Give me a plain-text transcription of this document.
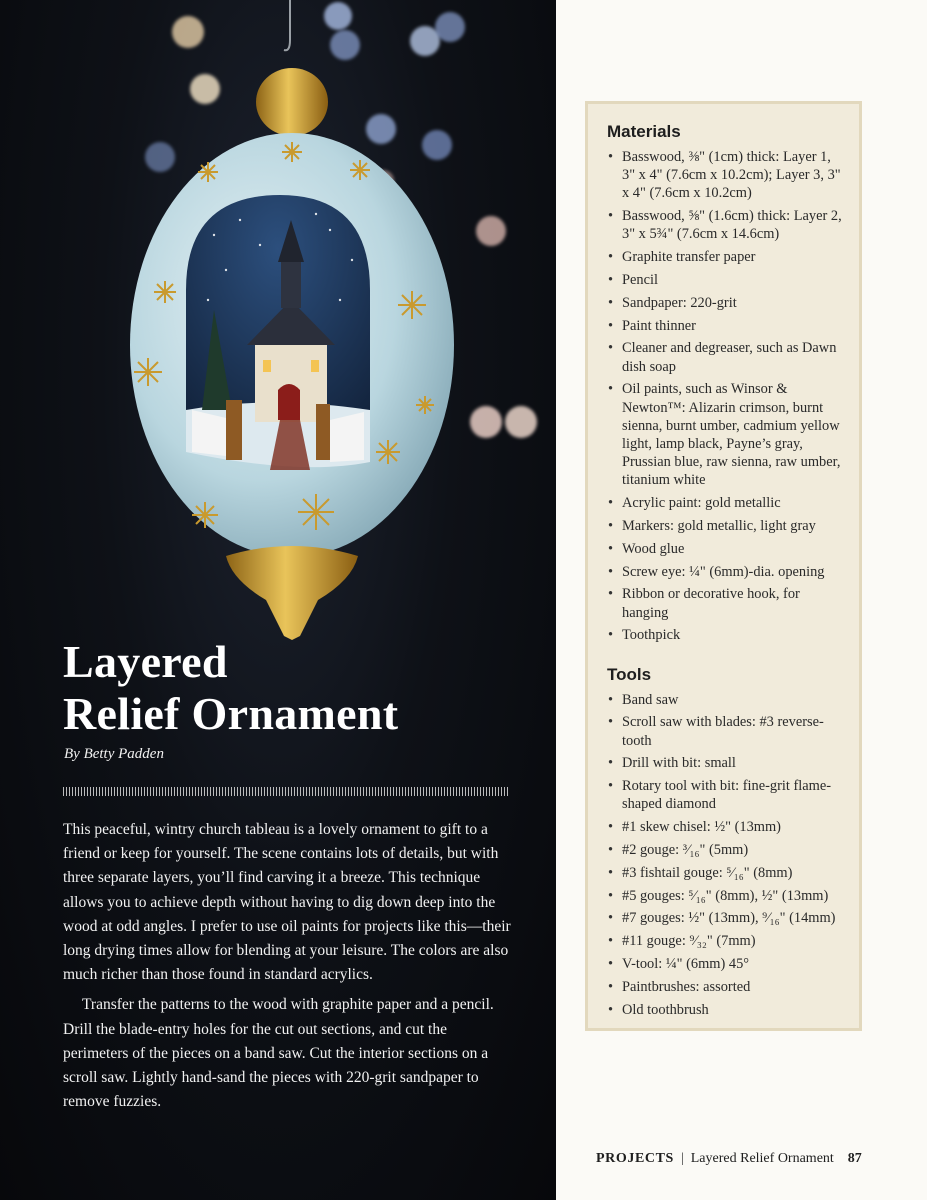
Layered
Relief Ornament
By Betty Padden

This peaceful, wintry church tableau is a lovely ornament to gift to a friend or keep for yourself. The scene contains lots of details, but with three separate layers, you’ll find carving it a breeze. This technique allows you to achieve depth without having to dig down deep into the wood at odd angles. I prefer to use oil paints for projects like this—their long drying times allow for blending at your leisure. The colors are also much richer than those found in standard acrylics.

Transfer the patterns to the wood with graphite paper and a pencil. Drill the blade-entry holes for the cut out sections, and cut the perimeters of the pieces on a band saw. Cut the interior sections on a scroll saw. Lightly hand-sand the pieces with 220-grit sandpaper to remove fuzzies.

Materials
• Basswood, ⅜" (1cm) thick: Layer 1, 3" x 4" (7.6cm x 10.2cm); Layer 3, 3" x 4" (7.6cm x 10.2cm)
• Basswood, ⅝" (1.6cm) thick: Layer 2, 3" x 5¾" (7.6cm x 14.6cm)
• Graphite transfer paper
• Pencil
• Sandpaper: 220-grit
• Paint thinner
• Cleaner and degreaser, such as Dawn dish soap
• Oil paints, such as Winsor & Newton™: Alizarin crimson, burnt sienna, burnt umber, cadmium yellow light, lamp black, Payne’s gray, Prussian blue, raw sienna, raw umber, titanium white
• Acrylic paint: gold metallic
• Markers: gold metallic, light gray
• Wood glue
• Screw eye: ¼" (6mm)-dia. opening
• Ribbon or decorative hook, for hanging
• Toothpick
Tools
• Band saw
• Scroll saw with blades: #3 reverse-tooth
• Drill with bit: small
• Rotary tool with bit: fine-grit flame-shaped diamond
• #1 skew chisel: ½" (13mm)
• #2 gouge: ³⁄₁₆" (5mm)
• #3 fishtail gouge: ⁵⁄₁₆" (8mm)
• #5 gouges: ⁵⁄₁₆" (8mm), ½" (13mm)
• #7 gouges: ½" (13mm), ⁹⁄₁₆" (14mm)
• #11 gouge: ⁹⁄₃₂" (7mm)
• V-tool: ¼" (6mm) 45°
• Paintbrushes: assorted
• Old toothbrush
PROJECTS | Layered Relief Ornament 87
